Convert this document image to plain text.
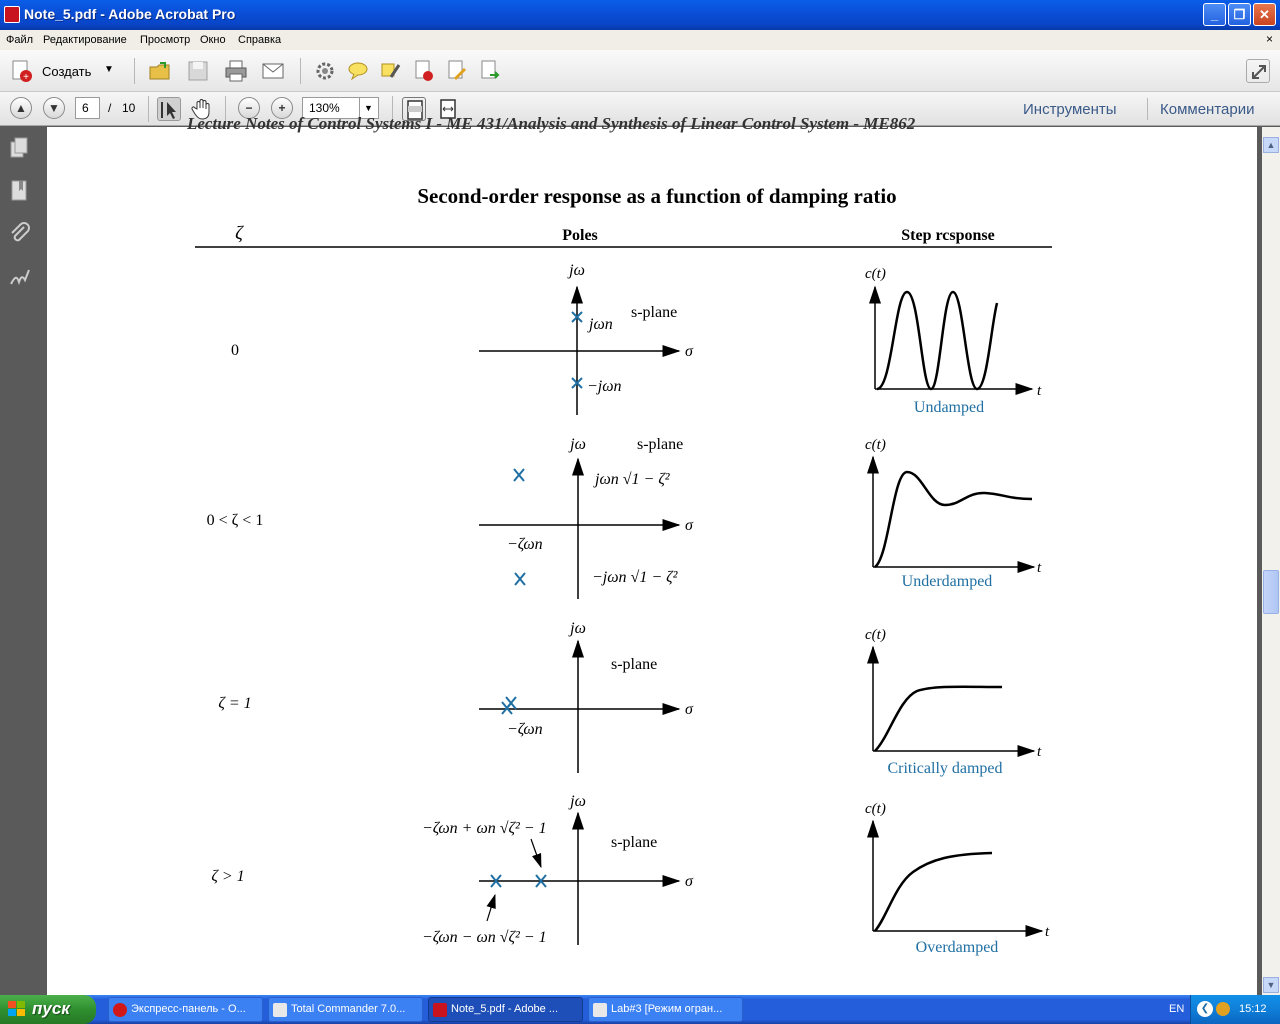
Note_5.pdf - Adobe Acrobat Pro	_	❐	✕
Файл Редактирование Просмотр Окно Справка	×
+ Создать ▼
▲	▼	6	/ 10	−	+	130%	▼	Инструменты	Комментарии
Lecture Notes of Control Systems I - ME 431/Analysis and Synthesis of Linear Control System - ME862
Second-order response as a function of damping ratio
ζ	Poles	Step rcsponse
0
jω
σ
s-plane
jωn
−jωn
c(t)
t
Undamped
0 < ζ < 1
jω
σ
s-plane
jωn √1 − ζ²
−jωn √1 − ζ²
−ζωn
c(t)
t
Underdamped
ζ = 1
jω
σ
s-plane
−ζωn
c(t)
t
Critically damped
ζ > 1
jω
σ
s-plane
−ζωn + ωn √ζ² − 1
−ζωn − ωn √ζ² − 1
c(t)
t
Overdamped
▲
▼
пуск	Экспресс-панель - O...	Total Commander 7.0...	Note_5.pdf - Adobe ...	Lab#3 [Режим огран...	EN	❮	15:12
